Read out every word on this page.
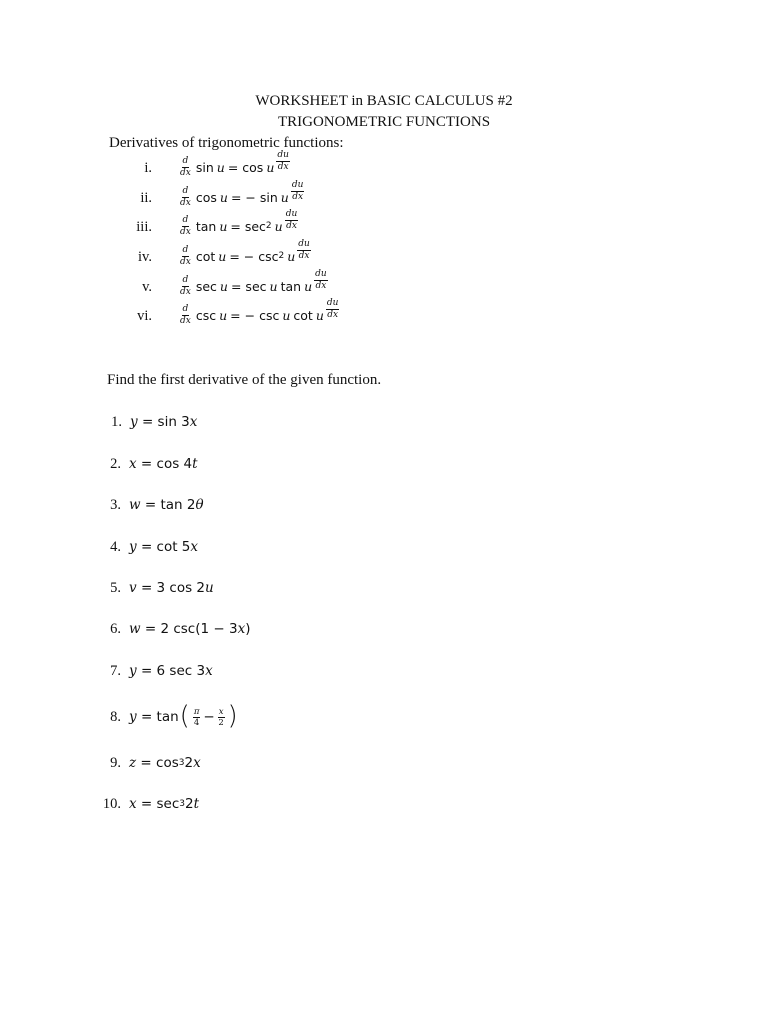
WORKSHEET in BASIC CALCULUS #2
TRIGONOMETRIC FUNCTIONS
Derivatives of trigonometric functions:
i.	$\frac{d}{dx}$ sin u = cos u $\frac{du}{dx}$
ii.	$\frac{d}{dx}$ cos u = − sin u $\frac{du}{dx}$
iii.	$\frac{d}{dx}$ tan u = sec 2 u $\frac{du}{dx}$
iv.	$\frac{d}{dx}$ cot u = − csc 2 u $\frac{du}{dx}$
v.	$\frac{d}{dx}$ sec u = sec u tan u $\frac{du}{dx}$
vi.	$\frac{d}{dx}$ csc u = − csc u cot u $\frac{du}{dx}$
Find the first derivative of the given function.
1. y
= sin 3 x
2. x
= cos 4 t
3. w
= tan 2 θ
4. y
= cot 5 x
5. v
= 3 cos 2 u
6. w
= 2 csc(1 − 3 x )
7. y
= 6 sec 3 x
8. y
= tan ( $\frac{\pi}{4} - \frac{x}{2}$ )
9. z
= cos 3 2 x
10. x
= sec 3 2 t
